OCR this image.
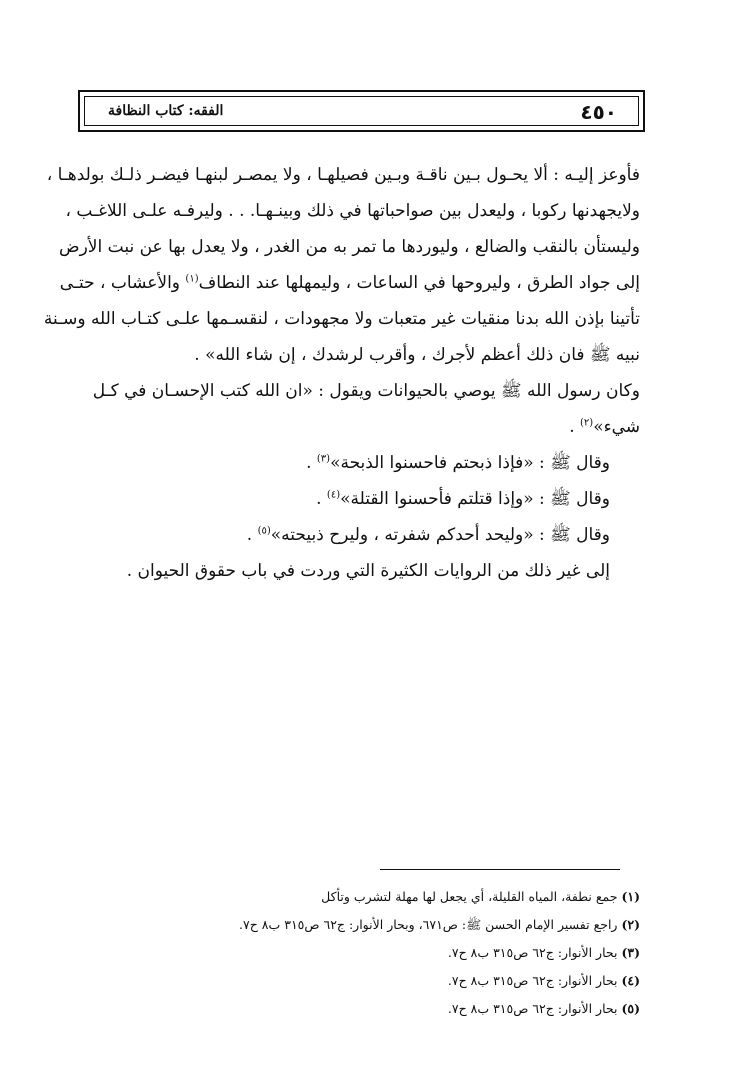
٤٥٠
الفقه: كتاب النظافة
فأوعز إليـه : ألا يحـول بـين ناقـة وبـين فصيلهـا ، ولا يمصـر لبنهـا فيضـر ذلـك بولدهـا ،
ولايجهدنها ركوبا ، وليعدل بين صواحباتها في ذلك وبينـهـا. . . وليرفـه علـى اللاغـب ،
وليستأن بالنقب والضالع ، وليوردها ما تمر به من الغدر ، ولا يعدل بها عن نبت الأرض
إلى جواد الطرق ، وليروحها في الساعات ، وليمهلها عند النطاف$^{(١)}$ والأعشاب ، حتـى
تأتينا بإذن الله بدنا منقيات غير متعبات ولا مجهودات ، لنقسـمها علـى كتـاب الله وسـنة
نبيه ﷺ فان ذلك أعظم لأجرك ، وأقرب لرشدك ، إن شاء الله» .
وكان رسول الله ﷺ يوصي بالحيوانات ويقول : «ان الله كتب الإحسـان في كـل
شيء»$^{(٢)}$ .
وقال ﷺ : «فإذا ذبحتم فاحسنوا الذبحة»$^{(٣)}$ .
وقال ﷺ : «وإذا قتلتم فأحسنوا القتلة»$^{(٤)}$ .
وقال ﷺ : «وليحد أحدكم شفرته ، وليرح ذبيحته»$^{(٥)}$ .
إلى غير ذلك من الروايات الكثيرة التي وردت في باب حقوق الحيوان .
(١) جمع نطفة، المياه القليلة، أي يجعل لها مهلة لتشرب وتأكل
(٢) راجع تفسير الإمام الحسن ﷺ: ص٦٧١، وبحار الأنوار: ج٦٢ ص٣١٥ ب٨ ح٧.
(٣) بحار الأنوار: ج٦٢ ص٣١٥ ب٨ ح٧.
(٤) بحار الأنوار: ج٦٢ ص٣١٥ ب٨ ح٧.
(٥) بحار الأنوار: ج٦٢ ص٣١٥ ب٨ ح٧.
